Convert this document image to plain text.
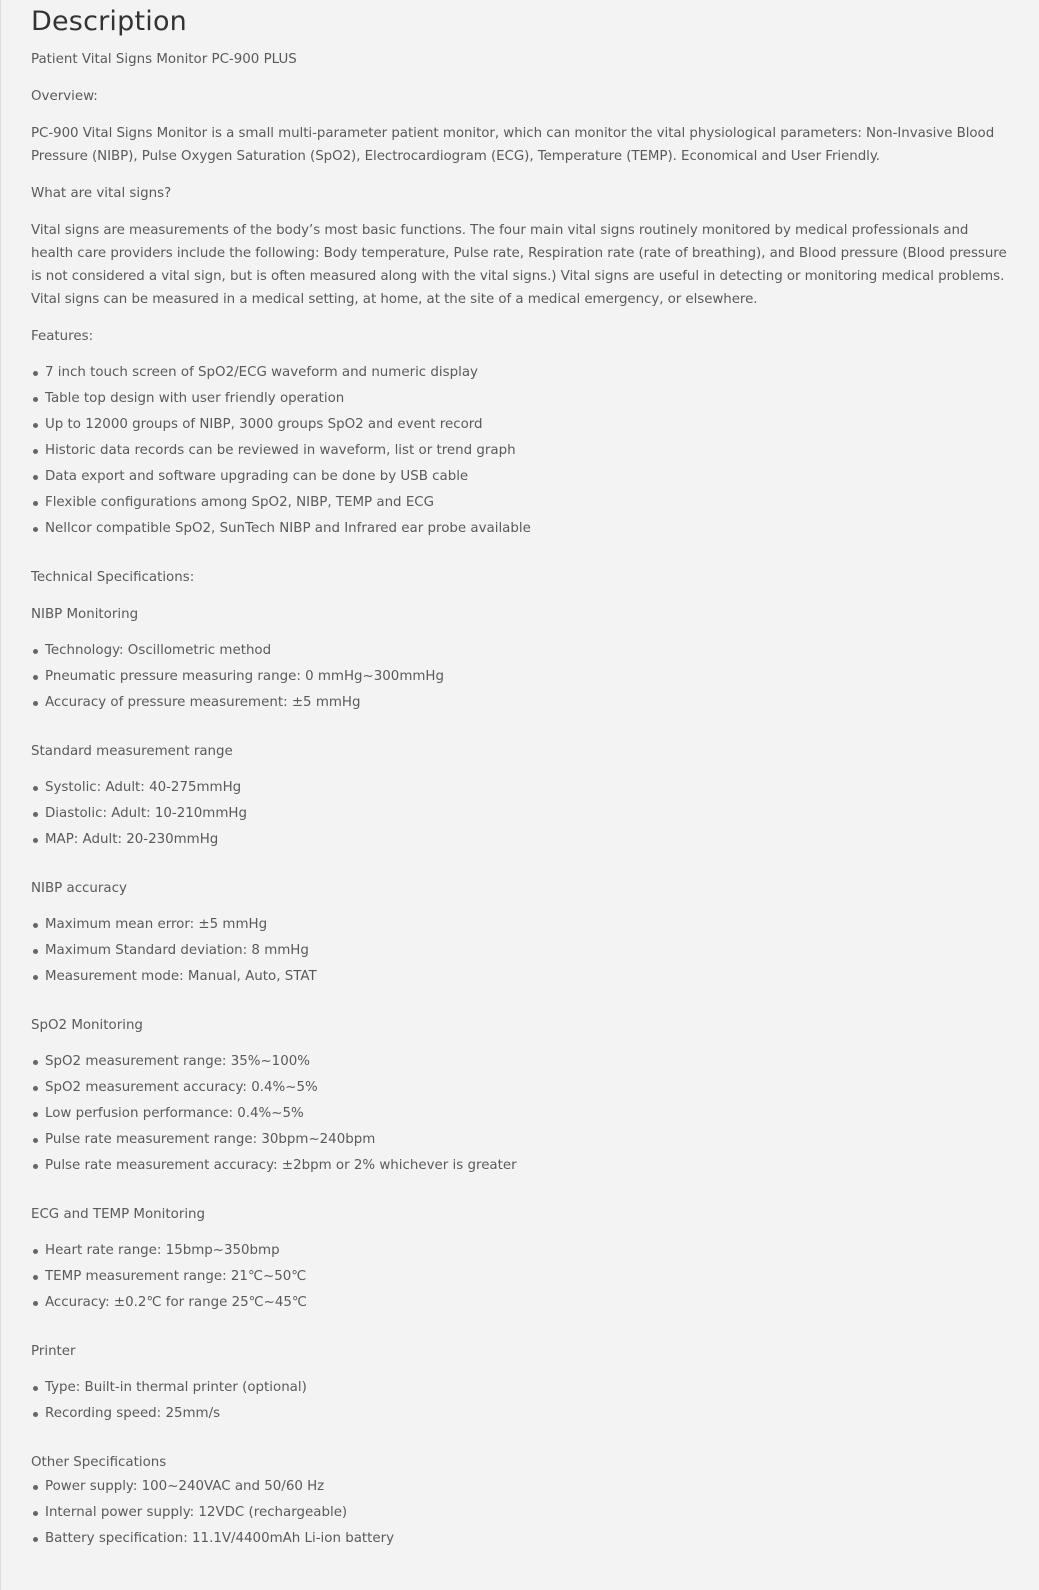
Description

Patient Vital Signs Monitor PC-900 PLUS

Overview:

PC-900 Vital Signs Monitor is a small multi-parameter patient monitor, which can monitor the vital physiological parameters: Non-Invasive Blood Pressure (NIBP), Pulse Oxygen Saturation (SpO2), Electrocardiogram (ECG), Temperature (TEMP). Economical and User Friendly.

What are vital signs?

Vital signs are measurements of the body’s most basic functions. The four main vital signs routinely monitored by medical professionals and health care providers include the following: Body temperature, Pulse rate, Respiration rate (rate of breathing), and Blood pressure (Blood pressure is not considered a vital sign, but is often measured along with the vital signs.) Vital signs are useful in detecting or monitoring medical problems. Vital signs can be measured in a medical setting, at home, at the site of a medical emergency, or elsewhere.

Features:

7 inch touch screen of SpO2/ECG waveform and numeric display
Table top design with user friendly operation
Up to 12000 groups of NIBP, 3000 groups SpO2 and event record
Historic data records can be reviewed in waveform, list or trend graph
Data export and software upgrading can be done by USB cable
Flexible configurations among SpO2, NIBP, TEMP and ECG
Nellcor compatible SpO2, SunTech NIBP and Infrared ear probe available

Technical Specifications:

NIBP Monitoring

Technology: Oscillometric method
Pneumatic pressure measuring range: 0 mmHg~300mmHg
Accuracy of pressure measurement: ±5 mmHg

Standard measurement range

Systolic: Adult: 40-275mmHg
Diastolic: Adult: 10-210mmHg
MAP: Adult: 20-230mmHg

NIBP accuracy

Maximum mean error: ±5 mmHg
Maximum Standard deviation: 8 mmHg
Measurement mode: Manual, Auto, STAT

SpO2 Monitoring

SpO2 measurement range: 35%~100%
SpO2 measurement accuracy: 0.4%~5%
Low perfusion performance: 0.4%~5%
Pulse rate measurement range: 30bpm~240bpm
Pulse rate measurement accuracy: ±2bpm or 2% whichever is greater

ECG and TEMP Monitoring

Heart rate range: 15bmp~350bmp
TEMP measurement range: 21℃~50℃
Accuracy: ±0.2℃ for range 25℃~45℃

Printer

Type: Built-in thermal printer (optional)
Recording speed: 25mm/s

Other Specifications

Power supply: 100~240VAC and 50/60 Hz
Internal power supply: 12VDC (rechargeable)
Battery specification: 11.1V/4400mAh Li-ion battery
